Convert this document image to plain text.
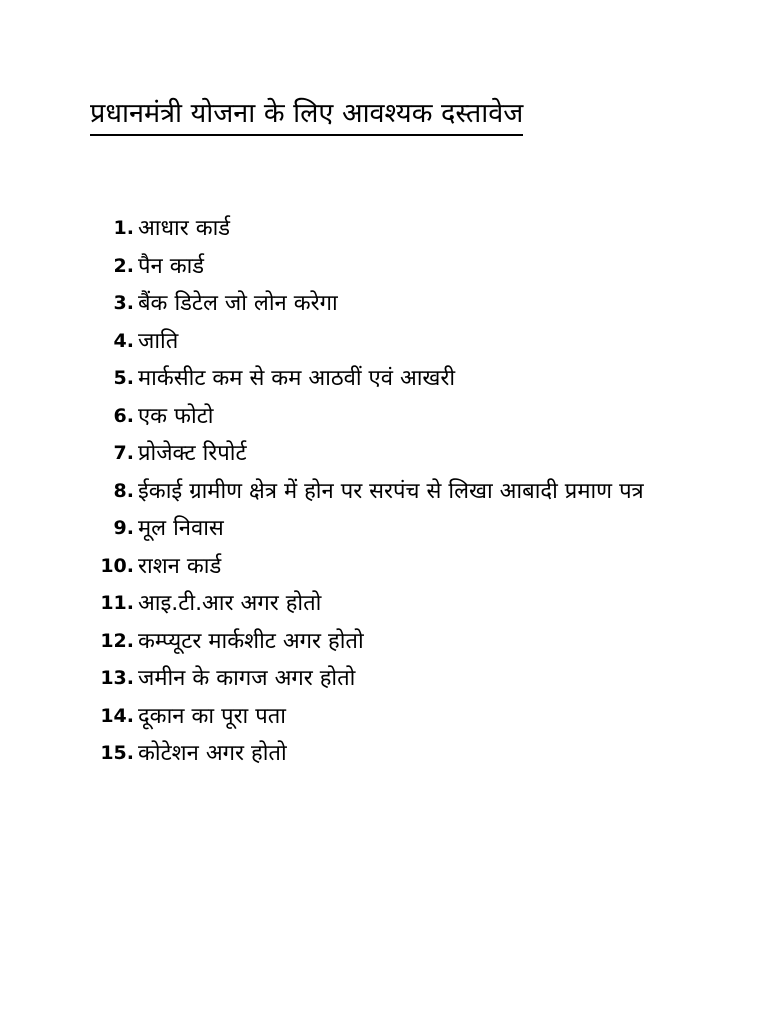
प्रधानमंत्री योजना के लिए आवश्यक दस्तावेज
1. आधार कार्ड
2. पैन कार्ड
3. बैंक डिटेल जो लोन करेगा
4. जाति
5. मार्कसीट कम से कम आठवीं एवं आखरी
6. एक फोटो
7. प्रोजेक्ट रिपोर्ट
8. ईकाई ग्रामीण क्षेत्र में होन पर सरपंच से लिखा आबादी प्रमाण पत्र
9. मूल निवास
10. राशन कार्ड
11. आइ.टी.आर अगर होतो
12. कम्प्यूटर मार्कशीट अगर होतो
13. जमीन के कागज अगर होतो
14. दूकान का पूरा पता
15. कोटेशन अगर होतो
